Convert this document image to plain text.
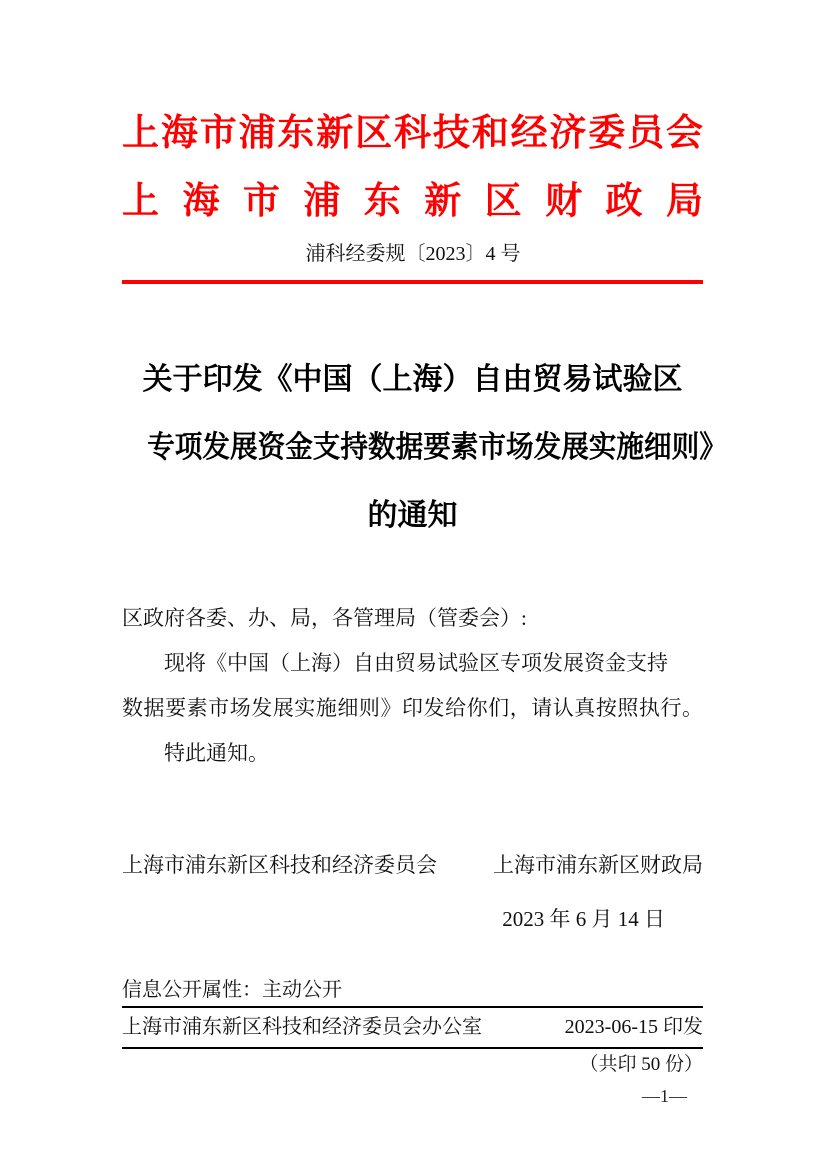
上海市浦东新区科技和经济委员会
上海市浦东新区财政局
浦科经委规〔2023〕4 号
关于印发《中国（上海）自由贸易试验区
专项发展资金支持数据要素市场发展实施细则》
的通知
区政府各委、办、局，各管理局（管委会）:
现将《中国（上海）自由贸易试验区专项发展资金支持
数据要素市场发展实施细则》印发给你们，请认真按照执行。
特此通知。
上海市浦东新区科技和经济委员会	上海市浦东新区财政局
2023 年 6 月 14 日
信息公开属性：主动公开
上海市浦东新区科技和经济委员会办公室	2023-06-15 印发
（共印 50 份）
—1—
